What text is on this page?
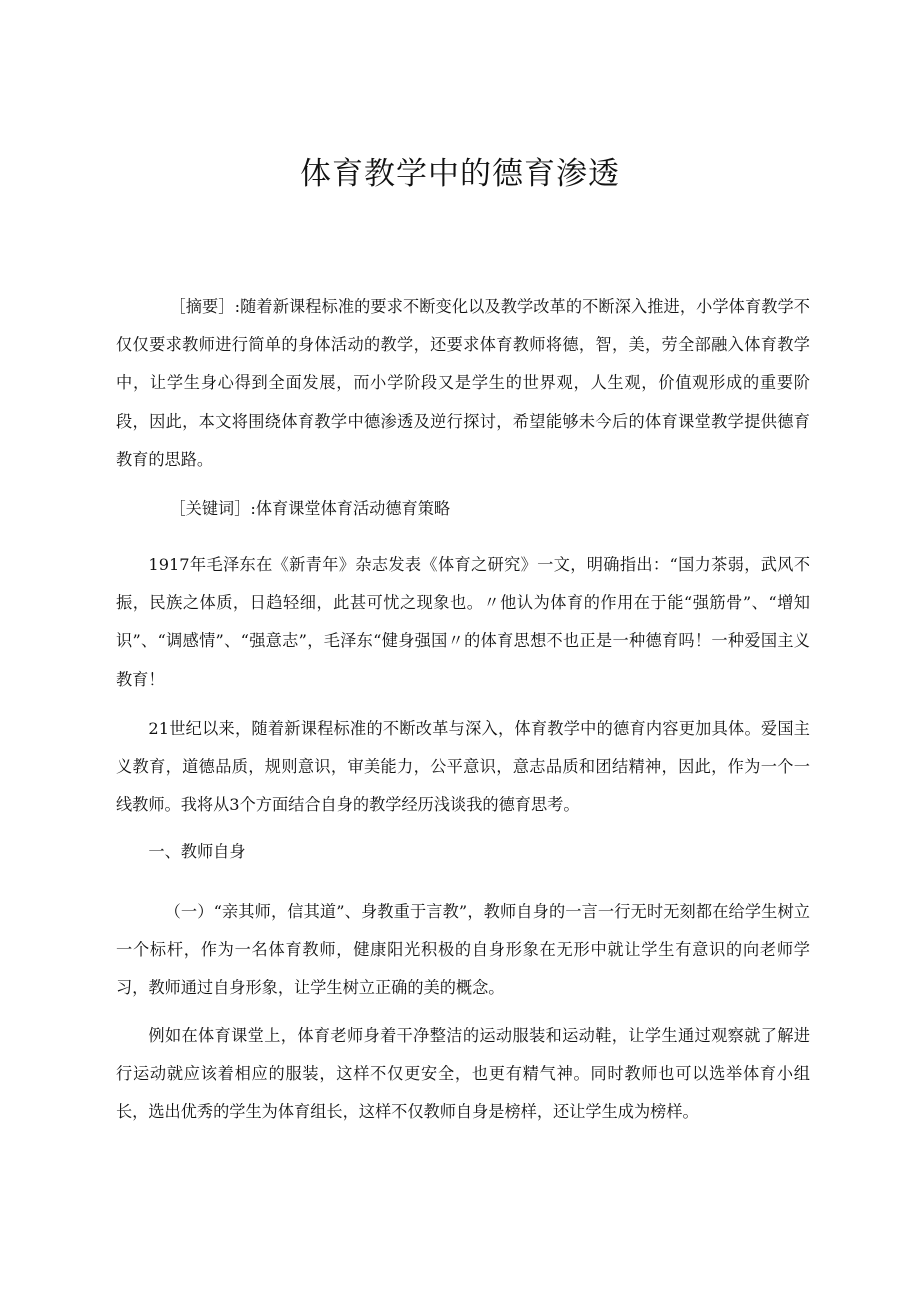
体育教学中的德育渗透

［摘要］:随着新课程标准的要求不断变化以及教学改革的不断深入推进，小学体育教学不仅仅要求教师进行简单的身体活动的教学，还要求体育教师将德，智，美，劳全部融入体育教学中，让学生身心得到全面发展，而小学阶段又是学生的世界观，人生观，价值观形成的重要阶段，因此，本文将围绕体育教学中德渗透及逆行探讨，希望能够未今后的体育课堂教学提供德育教育的思路。

［关键词］:体育课堂体育活动德育策略

1917年毛泽东在《新青年》杂志发表《体育之研究》一文，明确指出：“国力茶弱，武风不振，民族之体质，日趋轻细，此甚可忧之现象也。〃他认为体育的作用在于能“强筋骨”、“增知识”、“调感情”、“强意志”，毛泽东“健身强国〃的体育思想不也正是一种德育吗！一种爱国主义教育！

21世纪以来，随着新课程标准的不断改革与深入，体育教学中的德育内容更加具体。爱国主义教育，道德品质，规则意识，审美能力，公平意识，意志品质和团结精神，因此，作为一个一线教师。我将从3个方面结合自身的教学经历浅谈我的德育思考。

一、教师自身

（一）“亲其师，信其道”、身教重于言教”，教师自身的一言一行无时无刻都在给学生树立一个标杆，作为一名体育教师，健康阳光积极的自身形象在无形中就让学生有意识的向老师学习，教师通过自身形象，让学生树立正确的美的概念。

例如在体育课堂上，体育老师身着干净整洁的运动服装和运动鞋，让学生通过观察就了解进行运动就应该着相应的服装，这样不仅更安全，也更有精气神。同时教师也可以选举体育小组长，选出优秀的学生为体育组长，这样不仅教师自身是榜样，还让学生成为榜样。
